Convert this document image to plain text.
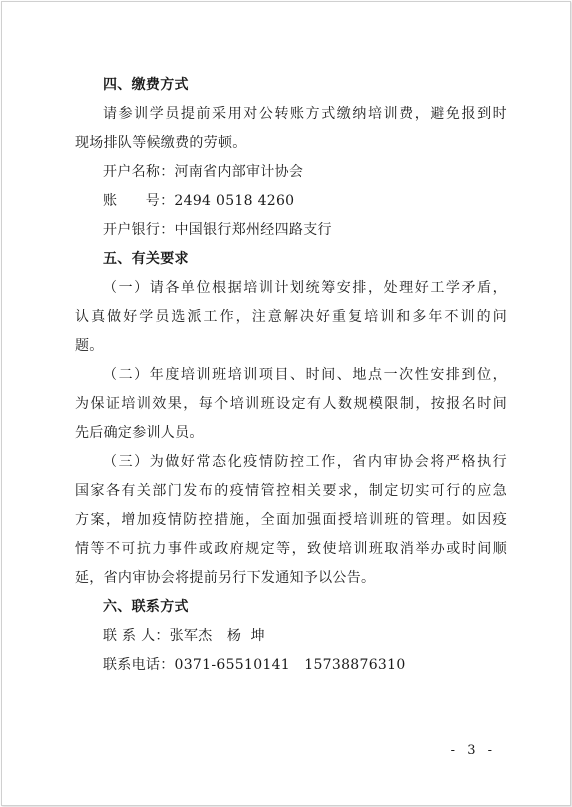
四、缴费方式
请参训学员提前采用对公转账方式缴纳培训费，避免报到时
现场排队等候缴费的劳顿。
开户名称：河南省内部审计协会
账      号：2494 0518 4260
开户银行：中国银行郑州经四路支行
五、有关要求
（一）请各单位根据培训计划统筹安排，处理好工学矛盾，
认真做好学员选派工作，注意解决好重复培训和多年不训的问
题。
（二）年度培训班培训项目、时间、地点一次性安排到位，
为保证培训效果，每个培训班设定有人数规模限制，按报名时间
先后确定参训人员。
（三）为做好常态化疫情防控工作，省内审协会将严格执行
国家各有关部门发布的疫情管控相关要求，制定切实可行的应急
方案，增加疫情防控措施，全面加强面授培训班的管理。如因疫
情等不可抗力事件或政府规定等，致使培训班取消举办或时间顺
延，省内审协会将提前另行下发通知予以公告。
六、联系方式
联 系 人：张军杰   杨  坤
联系电话：0371-65510141   15738876310
- 3 -
